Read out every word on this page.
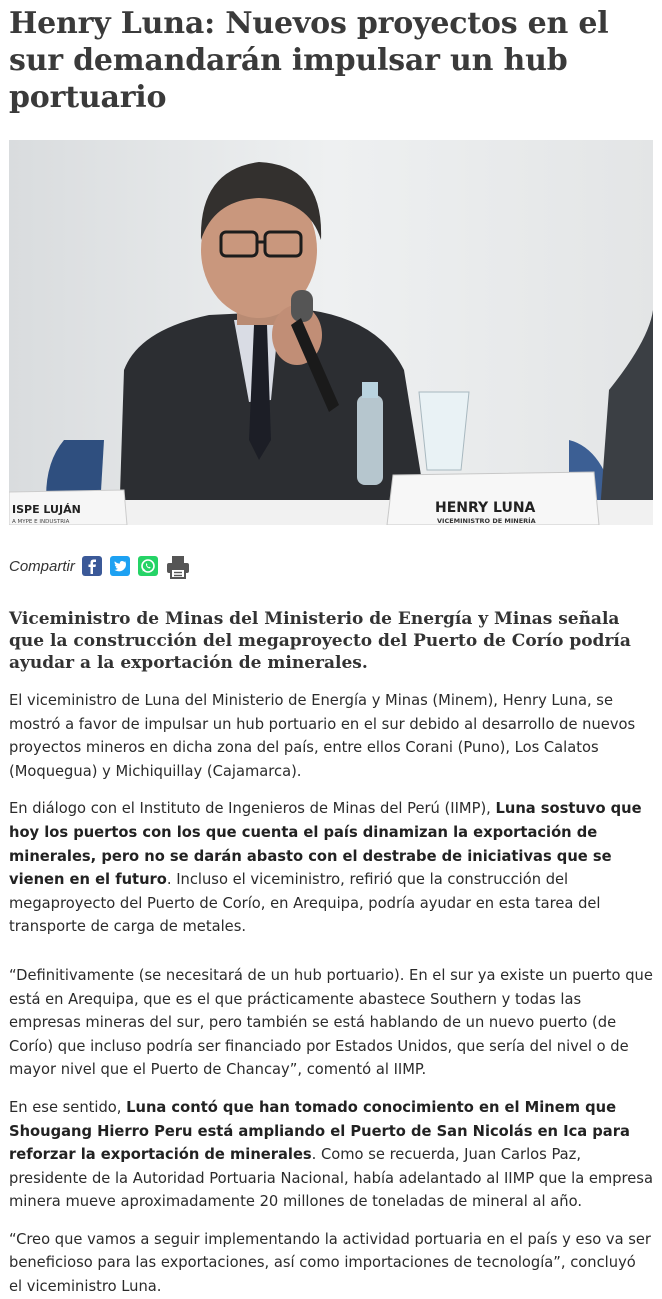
Henry Luna: Nuevos proyectos en el sur demandarán impulsar un hub portuario
ISPE LUJÁN
A MYPE E INDUSTRIA
HENRY LUNA
VICEMINISTRO DE MINERÍA
Compartir

Viceministro de Minas del Ministerio de Energía y Minas señala que la construcción del megaproyecto del Puerto de Corío podría ayudar a la exportación de minerales.

El viceministro de Luna del Ministerio de Energía y Minas (Minem), Henry Luna, se mostró a favor de impulsar un hub portuario en el sur debido al desarrollo de nuevos proyectos mineros en dicha zona del país, entre ellos Corani (Puno), Los Calatos (Moquegua) y Michiquillay (Cajamarca).

En diálogo con el Instituto de Ingenieros de Minas del Perú (IIMP), Luna sostuvo que hoy los puertos con los que cuenta el país dinamizan la exportación de minerales, pero no se darán abasto con el destrabe de iniciativas que se vienen en el futuro. Incluso el viceministro, refirió que la construcción del megaproyecto del Puerto de Corío, en Arequipa, podría ayudar en esta tarea del transporte de carga de metales.

“Definitivamente (se necesitará de un hub portuario). En el sur ya existe un puerto que está en Arequipa, que es el que prácticamente abastece Southern y todas las empresas mineras del sur, pero también se está hablando de un nuevo puerto (de Corío) que incluso podría ser financiado por Estados Unidos, que sería del nivel o de mayor nivel que el Puerto de Chancay”, comentó al IIMP.

En ese sentido, Luna contó que han tomado conocimiento en el Minem que Shougang Hierro Peru está ampliando el Puerto de San Nicolás en Ica para reforzar la exportación de minerales. Como se recuerda, Juan Carlos Paz, presidente de la Autoridad Portuaria Nacional, había adelantado al IIMP que la empresa minera mueve aproximadamente 20 millones de toneladas de mineral al año.

“Creo que vamos a seguir implementando la actividad portuaria en el país y eso va ser beneficioso para las exportaciones, así como importaciones de tecnología”, concluyó el viceministro Luna.
